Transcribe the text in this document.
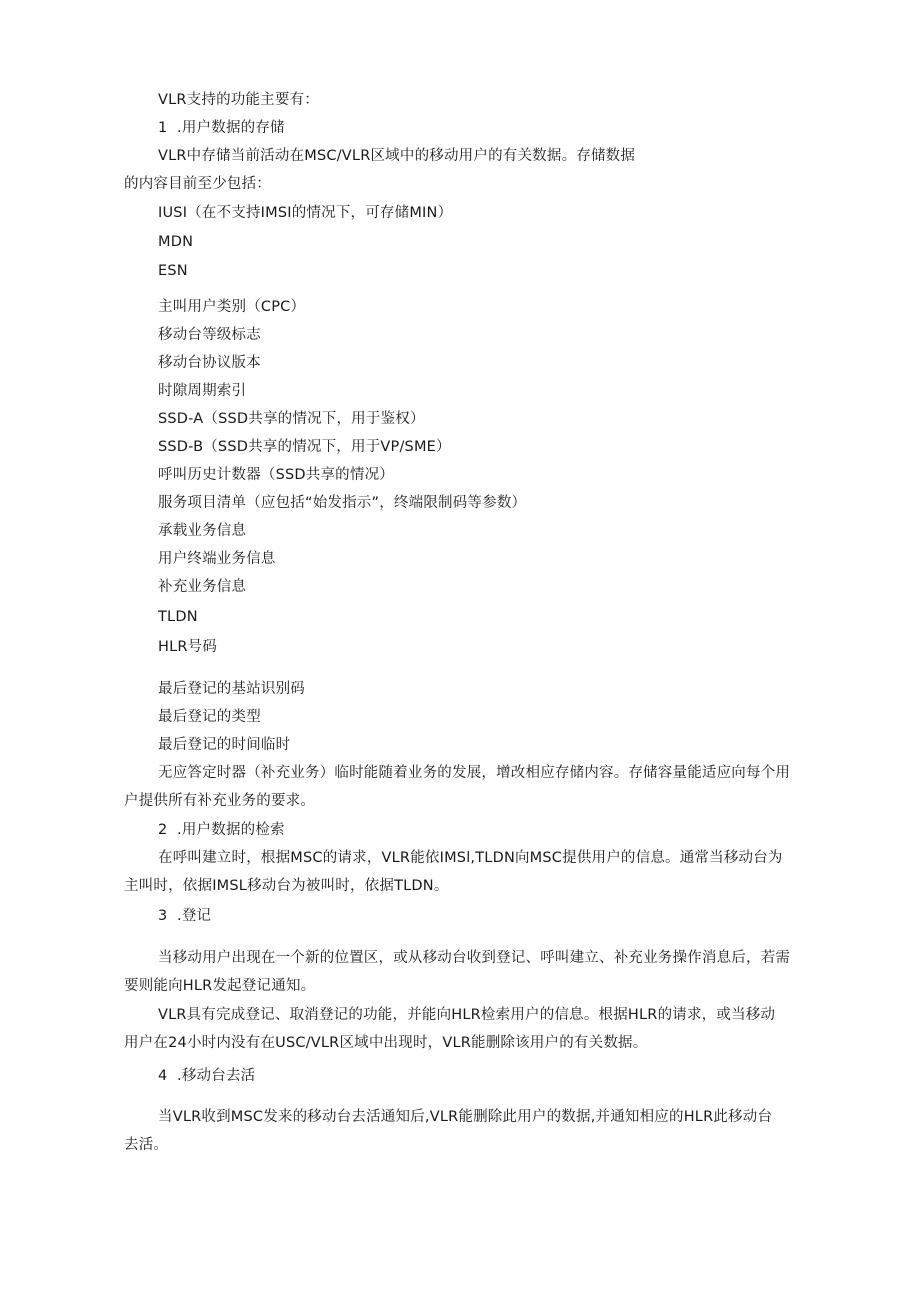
VLR支持的功能主要有：
1  .用户数据的存储
VLR中存储当前活动在MSC/VLR区域中的移动用户的有关数据。存储数据
的内容目前至少包括：
IUSI（在不支持IMSI的情况下，可存储MIN）
MDN
ESN
主叫用户类别（CPC）
移动台等级标志
移动台协议版本
时隙周期索引
SSD-A（SSD共享的情况下，用于鉴权）
SSD-B（SSD共享的情况下，用于VP/SME）
呼叫历史计数器（SSD共享的情况）
服务项目清单（应包括“始发指示”，终端限制码等参数）
承载业务信息
用户终端业务信息
补充业务信息
TLDN
HLR号码
最后登记的基站识别码
最后登记的类型
最后登记的时间临时
无应答定时器（补充业务）临时能随着业务的发展，增改相应存储内容。存储容量能适应向每个用
户提供所有补充业务的要求。
2  .用户数据的检索
在呼叫建立时，根据MSC的请求，VLR能依IMSl,TLDN向MSC提供用户的信息。通常当移动台为
主叫时，依据IMSL移动台为被叫时，依据TLDN。
3  .登记
当移动用户出现在一个新的位置区，或从移动台收到登记、呼叫建立、补充业务操作消息后，若需
要则能向HLR发起登记通知。
VLR具有完成登记、取消登记的功能，并能向HLR检索用户的信息。根据HLR的请求，或当移动
用户在24小时内没有在USC/VLR区域中出现时，VLR能删除该用户的有关数据。
4  .移动台去活
当VLR收到MSC发来的移动台去活通知后,VLR能删除此用户的数据,并通知相应的HLR此移动台
去活。
